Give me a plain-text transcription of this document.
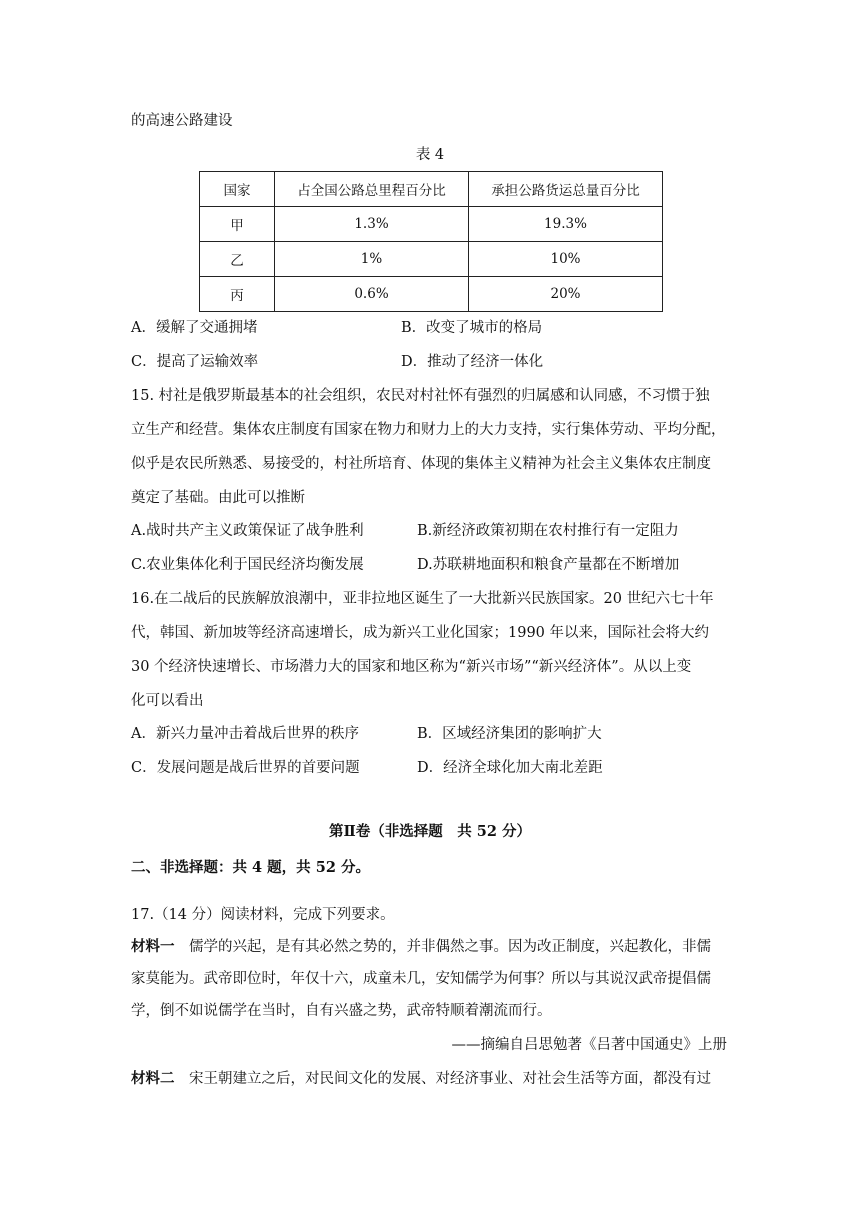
的高速公路建设
表 4
国家	占全国公路总里程百分比	承担公路货运总量百分比
甲	1.3%	19.3%
乙	1%	10%
丙	0.6%	20%
A．缓解了交通拥堵	B．改变了城市的格局
C．提高了运输效率	D．推动了经济一体化
15. 村社是俄罗斯最基本的社会组织，农民对村社怀有强烈的归属感和认同感，不习惯于独
立生产和经营。集体农庄制度有国家在物力和财力上的大力支持，实行集体劳动、平均分配，
似乎是农民所熟悉、易接受的，村社所培育、体现的集体主义精神为社会主义集体农庄制度
奠定了基础。由此可以推断
A.战时共产主义政策保证了战争胜利	B.新经济政策初期在农村推行有一定阻力
C.农业集体化利于国民经济均衡发展	D.苏联耕地面积和粮食产量都在不断增加
16.在二战后的民族解放浪潮中，亚非拉地区诞生了一大批新兴民族国家。20 世纪六七十年
代，韩国、新加坡等经济高速增长，成为新兴工业化国家；1990 年以来，国际社会将大约
30 个经济快速增长、市场潜力大的国家和地区称为“新兴市场”“新兴经济体”。从以上变
化可以看出
A．新兴力量冲击着战后世界的秩序	B．区域经济集团的影响扩大
C．发展问题是战后世界的首要问题	D．经济全球化加大南北差距
第Ⅱ卷（非选择题　共 52 分）
二、非选择题：共 4 题，共 52 分。
17.（14 分）阅读材料，完成下列要求。
材料一　儒学的兴起，是有其必然之势的，并非偶然之事。因为改正制度，兴起教化，非儒
家莫能为。武帝即位时，年仅十六，成童未几，安知儒学为何事？所以与其说汉武帝提倡儒
学，倒不如说儒学在当时，自有兴盛之势，武帝特顺着潮流而行。
——摘编自吕思勉著《吕著中国通史》上册
材料二　宋王朝建立之后，对民间文化的发展、对经济事业、对社会生活等方面，都没有过
